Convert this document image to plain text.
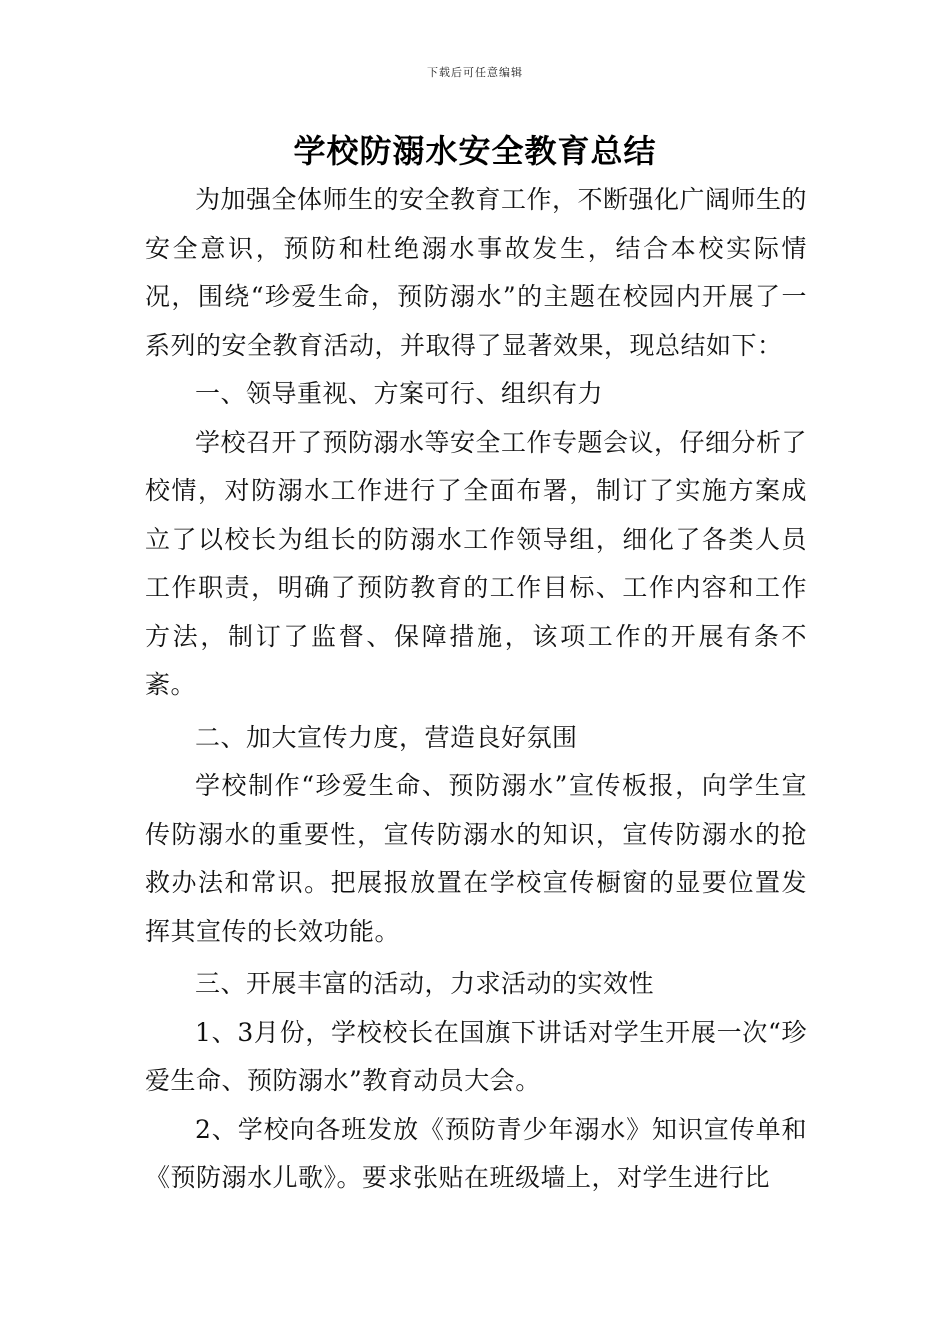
下载后可任意编辑
学校防溺水安全教育总结

为加强全体师生的安全教育工作，不断强化广阔师生的安全意识，预防和杜绝溺水事故发生，结合本校实际情况，围绕“珍爱生命，预防溺水”的主题在校园内开展了一系列的安全教育活动，并取得了显著效果，现总结如下：

一、领导重视、方案可行、组织有力

学校召开了预防溺水等安全工作专题会议，仔细分析了校情，对防溺水工作进行了全面布署，制订了实施方案成立了以校长为组长的防溺水工作领导组，细化了各类人员工作职责，明确了预防教育的工作目标、工作内容和工作方法，制订了监督、保障措施，该项工作的开展有条不紊。

二、加大宣传力度，营造良好氛围

学校制作“珍爱生命、预防溺水”宣传板报，向学生宣传防溺水的重要性，宣传防溺水的知识，宣传防溺水的抢救办法和常识。把展报放置在学校宣传橱窗的显要位置发挥其宣传的长效功能。

三、开展丰富的活动，力求活动的实效性

1、3月份，学校校长在国旗下讲话对学生开展一次“珍爱生命、预防溺水”教育动员大会。

2、学校向各班发放《预防青少年溺水》知识宣传单和《预防溺水儿歌》。要求张贴在班级墙上，对学生进行比
